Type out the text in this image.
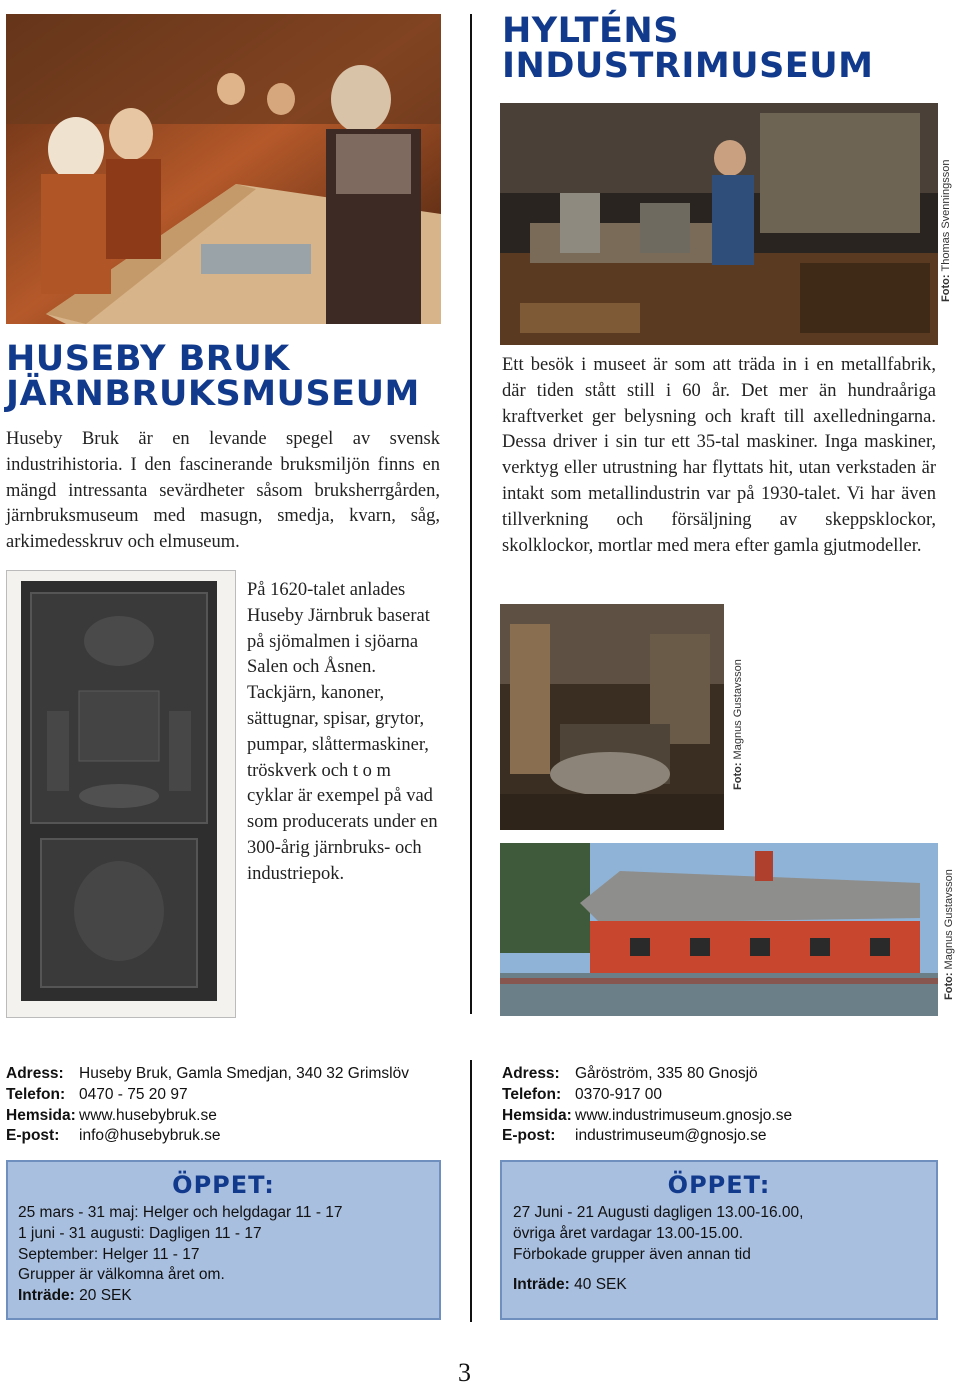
HUSEBY BRUK
JÄRNBRUKSMUSEUM
Huseby Bruk är en levande spegel av svensk industrihistoria. I den fascinerande bruksmiljön finns en mängd intressanta sevärdheter såsom bruksherrgården, järnbruksmuseum med masugn, smedja, kvarn, såg, arkimedesskruv och elmuseum.
På 1620-talet anlades Huseby Järnbruk baserat på sjömalmen i sjöarna Salen och Åsnen. Tackjärn, kanoner, sättugnar, spisar, grytor, pumpar, slåttermaskiner, tröskverk och t o m cyklar är exempel på vad som producerats under en 300-årig järnbruks- och industriepok.
Adress: Huseby Bruk, Gamla Smedjan, 340 32 Grimslöv
Telefon: 0470 - 75 20 97
Hemsida: www.husebybruk.se
E-post:	info@husebybruk.se
ÖPPET:
25 mars - 31 maj: Helger och helgdagar 11 - 17
1 juni - 31 augusti: Dagligen 11 - 17
September: Helger 11 - 17
Grupper är välkomna året om.
Inträde: 20 SEK
HYLTÉNS
INDUSTRIMUSEUM
Foto: Thomas Svenningsson
Ett besök i museet är som att träda in i en metallfabrik, där tiden stått still i 60 år. Det mer än hundraåriga kraftverket ger belysning och kraft till axelledningarna. Dessa driver i sin tur ett 35-tal maskiner. Inga maskiner, verktyg eller utrustning har flyttats hit, utan verkstaden är intakt som metallindustrin var på 1930-talet. Vi har även tillverkning och försäljning av skeppsklockor, skolklockor, mortlar med mera efter gamla gjutmodeller.
Foto: Magnus Gustavsson
Foto: Magnus Gustavsson
Adress: Gåröström, 335 80 Gnosjö
Telefon: 0370-917 00
Hemsida: www.industrimuseum.gnosjo.se
E-post:	industrimuseum@gnosjo.se
ÖPPET:
27 Juni - 21 Augusti dagligen 13.00-16.00,
övriga året vardagar 13.00-15.00.
Förbokade grupper även annan tid
Inträde: 40 SEK
3
